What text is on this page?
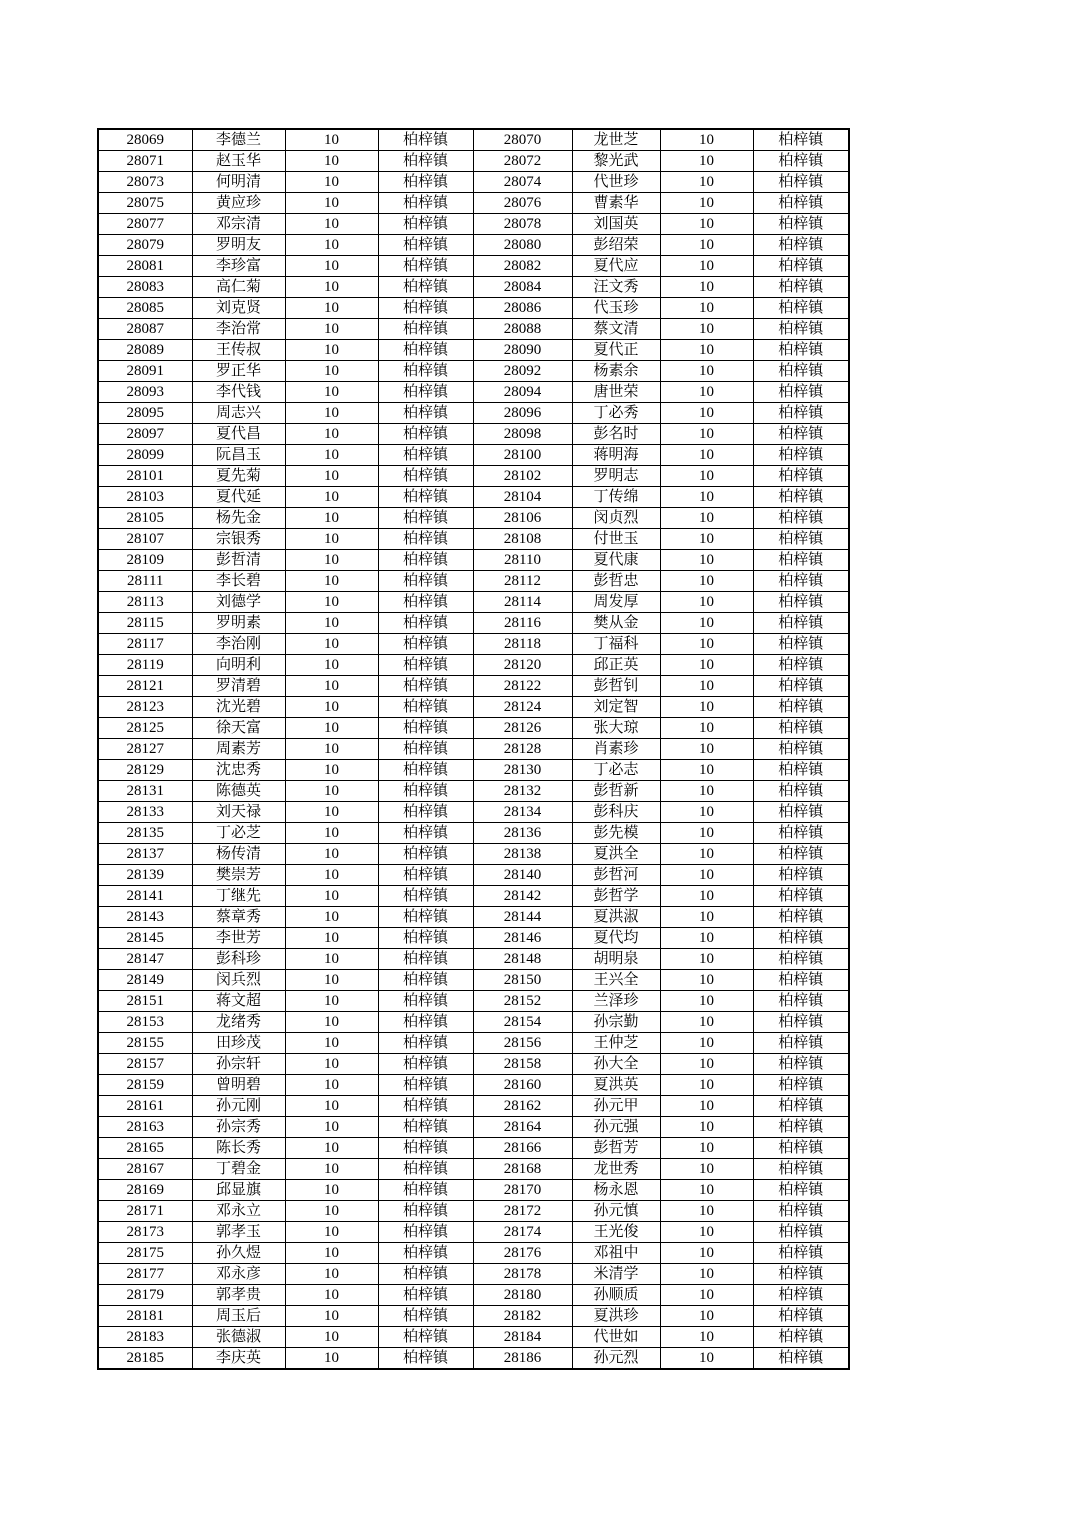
28069	李德兰	10	柏梓镇	28070	龙世芝	10	柏梓镇
28071	赵玉华	10	柏梓镇	28072	黎光武	10	柏梓镇
28073	何明清	10	柏梓镇	28074	代世珍	10	柏梓镇
28075	黄应珍	10	柏梓镇	28076	曹素华	10	柏梓镇
28077	邓宗清	10	柏梓镇	28078	刘国英	10	柏梓镇
28079	罗明友	10	柏梓镇	28080	彭绍荣	10	柏梓镇
28081	李珍富	10	柏梓镇	28082	夏代应	10	柏梓镇
28083	高仁菊	10	柏梓镇	28084	汪文秀	10	柏梓镇
28085	刘克贤	10	柏梓镇	28086	代玉珍	10	柏梓镇
28087	李治常	10	柏梓镇	28088	蔡文清	10	柏梓镇
28089	王传叔	10	柏梓镇	28090	夏代正	10	柏梓镇
28091	罗正华	10	柏梓镇	28092	杨素余	10	柏梓镇
28093	李代钱	10	柏梓镇	28094	唐世荣	10	柏梓镇
28095	周志兴	10	柏梓镇	28096	丁必秀	10	柏梓镇
28097	夏代昌	10	柏梓镇	28098	彭名时	10	柏梓镇
28099	阮昌玉	10	柏梓镇	28100	蒋明海	10	柏梓镇
28101	夏先菊	10	柏梓镇	28102	罗明志	10	柏梓镇
28103	夏代延	10	柏梓镇	28104	丁传绵	10	柏梓镇
28105	杨先金	10	柏梓镇	28106	闵贞烈	10	柏梓镇
28107	宗银秀	10	柏梓镇	28108	付世玉	10	柏梓镇
28109	彭哲清	10	柏梓镇	28110	夏代康	10	柏梓镇
28111	李长碧	10	柏梓镇	28112	彭哲忠	10	柏梓镇
28113	刘德学	10	柏梓镇	28114	周发厚	10	柏梓镇
28115	罗明素	10	柏梓镇	28116	樊从金	10	柏梓镇
28117	李治刚	10	柏梓镇	28118	丁福科	10	柏梓镇
28119	向明利	10	柏梓镇	28120	邱正英	10	柏梓镇
28121	罗清碧	10	柏梓镇	28122	彭哲钊	10	柏梓镇
28123	沈光碧	10	柏梓镇	28124	刘定智	10	柏梓镇
28125	徐天富	10	柏梓镇	28126	张大琼	10	柏梓镇
28127	周素芳	10	柏梓镇	28128	肖素珍	10	柏梓镇
28129	沈忠秀	10	柏梓镇	28130	丁必志	10	柏梓镇
28131	陈德英	10	柏梓镇	28132	彭哲新	10	柏梓镇
28133	刘天禄	10	柏梓镇	28134	彭科庆	10	柏梓镇
28135	丁必芝	10	柏梓镇	28136	彭先模	10	柏梓镇
28137	杨传清	10	柏梓镇	28138	夏洪全	10	柏梓镇
28139	樊崇芳	10	柏梓镇	28140	彭哲河	10	柏梓镇
28141	丁继先	10	柏梓镇	28142	彭哲学	10	柏梓镇
28143	蔡章秀	10	柏梓镇	28144	夏洪淑	10	柏梓镇
28145	李世芳	10	柏梓镇	28146	夏代均	10	柏梓镇
28147	彭科珍	10	柏梓镇	28148	胡明泉	10	柏梓镇
28149	闵兵烈	10	柏梓镇	28150	王兴全	10	柏梓镇
28151	蒋文超	10	柏梓镇	28152	兰泽珍	10	柏梓镇
28153	龙绪秀	10	柏梓镇	28154	孙宗勤	10	柏梓镇
28155	田珍茂	10	柏梓镇	28156	王仲芝	10	柏梓镇
28157	孙宗轩	10	柏梓镇	28158	孙大全	10	柏梓镇
28159	曾明碧	10	柏梓镇	28160	夏洪英	10	柏梓镇
28161	孙元刚	10	柏梓镇	28162	孙元甲	10	柏梓镇
28163	孙宗秀	10	柏梓镇	28164	孙元强	10	柏梓镇
28165	陈长秀	10	柏梓镇	28166	彭哲芳	10	柏梓镇
28167	丁碧金	10	柏梓镇	28168	龙世秀	10	柏梓镇
28169	邱显旗	10	柏梓镇	28170	杨永恩	10	柏梓镇
28171	邓永立	10	柏梓镇	28172	孙元慎	10	柏梓镇
28173	郭孝玉	10	柏梓镇	28174	王光俊	10	柏梓镇
28175	孙久煜	10	柏梓镇	28176	邓祖中	10	柏梓镇
28177	邓永彦	10	柏梓镇	28178	米清学	10	柏梓镇
28179	郭孝贵	10	柏梓镇	28180	孙顺质	10	柏梓镇
28181	周玉后	10	柏梓镇	28182	夏洪珍	10	柏梓镇
28183	张德淑	10	柏梓镇	28184	代世如	10	柏梓镇
28185	李庆英	10	柏梓镇	28186	孙元烈	10	柏梓镇
